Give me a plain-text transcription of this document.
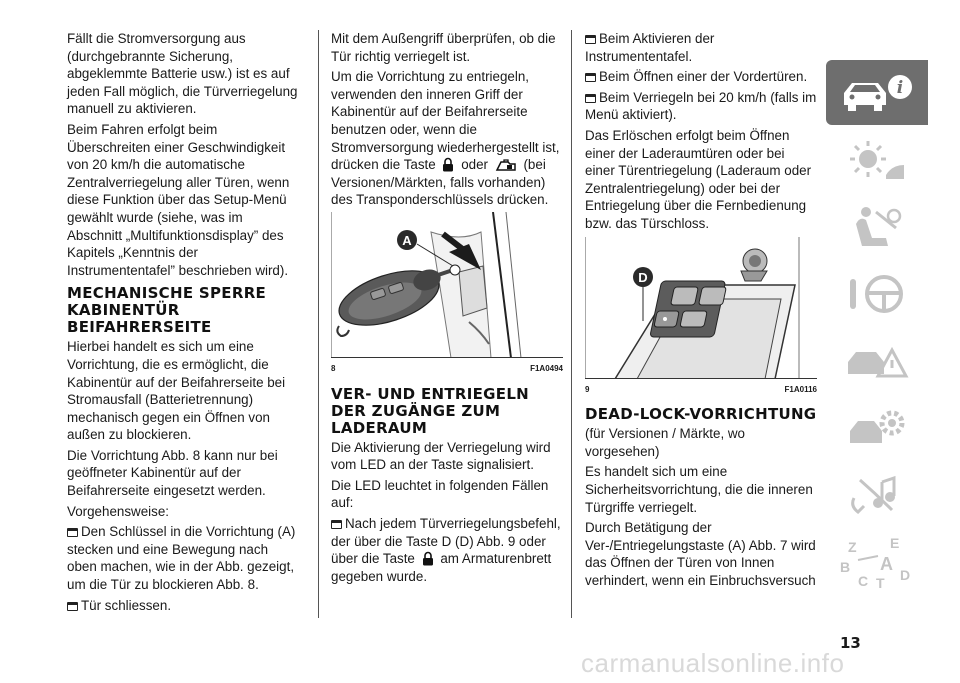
Fällt die Stromversorgung aus (durchgebrannte Sicherung, abgeklemmte Batterie usw.) ist es auf jeden Fall möglich, die Türverriegelung manuell zu aktivieren.

Beim Fahren erfolgt beim Überschreiten einer Geschwindigkeit von 20 km/h die automatische Zentralverriegelung aller Türen, wenn diese Funktion über das Setup-Menü gewählt wurde (siehe, was im Abschnitt „Multifunktionsdisplay” des Kapitels „Kenntnis der Instrumententafel” beschrieben wird).

MECHANISCHE SPERRE KABINENTÜR BEIFAHRERSEITE

Hierbei handelt es sich um eine Vorrichtung, die es ermöglicht, die Kabinentür auf der Beifahrerseite bei Stromausfall (Batterietrennung) mechanisch gegen ein Öffnen von außen zu blockieren.

Die Vorrichtung Abb. 8 kann nur bei geöffneter Kabinentür auf der Beifahrerseite eingesetzt werden.

Vorgehensweise:

Den Schlüssel in die Vorrichtung (A) stecken und eine Bewegung nach oben machen, wie in der Abb. gezeigt, um die Tür zu blockieren Abb. 8.

Tür schliessen.

Mit dem Außengriff überprüfen, ob die Tür richtig verriegelt ist.

Um die Vorrichtung zu entriegeln, verwenden den inneren Griff der Kabinentür auf der Beifahrerseite benutzen oder, wenn die Stromversorgung wiederhergestellt ist, drücken die Taste oder	(bei Versionen/Märkten, falls vorhanden) des Transponderschlüssels drücken.

A
8	F1A0494
VER- UND ENTRIEGELN DER ZUGÄNGE ZUM LADERAUM

Die Aktivierung der Verriegelung wird vom LED an der Taste signalisiert.

Die LED leuchtet in folgenden Fällen auf:

Nach jedem Türverriegelungsbefehl, der über die Taste D (D) Abb. 9 oder über die Taste am Armaturenbrett gegeben wurde.

Beim Aktivieren der Instrumententafel.

Beim Öffnen einer der Vordertüren.

Beim Verriegeln bei 20 km/h (falls im Menü aktiviert).

Das Erlöschen erfolgt beim Öffnen einer der Laderaumtüren oder bei einer Türentriegelung (Laderaum oder Zentralentriegelung) oder bei der Entriegelung über die Fernbedienung bzw. das Türschloss.

D
9	F1A0116
DEAD-LOCK-VORRICHTUNG

(für Versionen / Märkte, wo vorgesehen)

Es handelt sich um eine Sicherheitsvorrichtung, die die inneren Türgriffe verriegelt.

Durch Betätigung der Ver-/Entriegelungstaste (A) Abb. 7 wird das Öffnen der Türen von Innen verhindert, wenn ein Einbruchsversuch

i
Z E
B A
C T D
13
carmanualsonline.info
